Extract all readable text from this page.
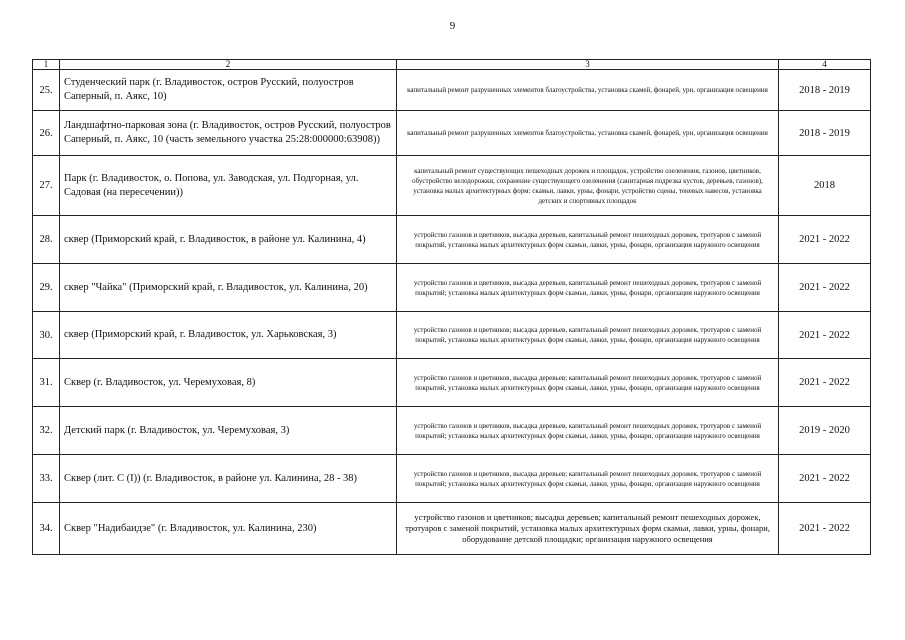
9
1	2	3	4
25.	Студенческий парк (г. Владивосток, остров Русский, полуостров Саперный, п. Аякс, 10)	капитальный ремонт разрушенных элементов благоустройства, установка скамей, фонарей, урн, организация освещения	2018 - 2019
26.	Ландшафтно-парковая зона (г. Владивосток, остров Русский, полуостров Саперный, п. Аякс, 10 (часть земельного участка 25:28:000000:63908))	капитальный ремонт разрушенных элементов благоустройства, установка скамей, фонарей, урн, организация освещения	2018 - 2019
27.	Парк (г. Владивосток, о. Попова, ул. Заводская, ул. Подгорная, ул. Садовая (на пересечении))	капитальный ремонт существующих пешеходных дорожек и площадок, устройство озеленения, газонов, цветников, обустройство велодорожки, сохранение существующего озеленения (санитарная подрезка кустов, деревьев, газонов), установка малых архитектурных форм: скамьи, лавки, урны, фонари, устройство сцены, теневых навесов, установка детских и спортивных площадок	2018
28.	сквер (Приморский край, г. Владивосток, в районе ул. Калинина, 4)	устройство газонов и цветников, высадка деревьев, капитальный ремонт пешеходных дорожек, тротуаров с заменой покрытий, установка малых архитектурных форм скамьи, лавки, урны, фонари, организация наружного освещения	2021 - 2022
29.	сквер "Чайка" (Приморский край, г. Владивосток, ул. Калинина, 20)	устройство газонов и цветников, высадка деревьев, капитальный ремонт пешеходных дорожек, тротуаров с заменой покрытий; установка малых архитектурных форм скамьи, лавки, урны, фонари, организация наружного освещения	2021 - 2022
30.	сквер (Приморский край, г. Владивосток, ул. Харьковская, 3)	устройство газонов и цветников; высадка деревьев, капитальный ремонт пешеходных дорожек, тротуаров с заменой покрытий, установка малых архитектурных форм скамьи, лавки, урны, фонари, организация наружного освещения	2021 - 2022
31.	Сквер (г. Владивосток, ул. Черемуховая, 8)	устройство газонов и цветников, высадка деревьев; капитальный ремонт пешеходных дорожек, тротуаров с заменой покрытий, установка малых архитектурных форм скамьи, лавки, урны, фонари, организация наружного освещения	2021 - 2022
32.	Детский парк (г. Владивосток, ул. Черемуховая, 3)	устройство газонов и цветников, высадка деревьев, капитальный ремонт пешеходных дорожек, тротуаров с заменой покрытий; установка малых архитектурных форм скамьи, лавки, урны, фонари, организация наружного освещения	2019 - 2020
33.	Сквер (лит. С (I)) (г. Владивосток, в районе ул. Калинина, 28 - 38)	устройство газонов и цветников, высадка деревьев; капитальный ремонт пешеходных дорожек, тротуаров с заменой покрытий; установка малых архитектурных форм скамьи, лавки, урны, фонари, организация наружного освещения	2021 - 2022
34.	Сквер "Надибаидзе" (г. Владивосток, ул. Калинина, 230)	устройство газонов и цветников; высадка деревьев; капитальный ремонт пешеходных дорожек, тротуаров с заменой покрытий, установка малых архитектурных форм скамьи, лавки, урны, фонари, оборудование детской площадки; организация наружного освещения	2021 - 2022
